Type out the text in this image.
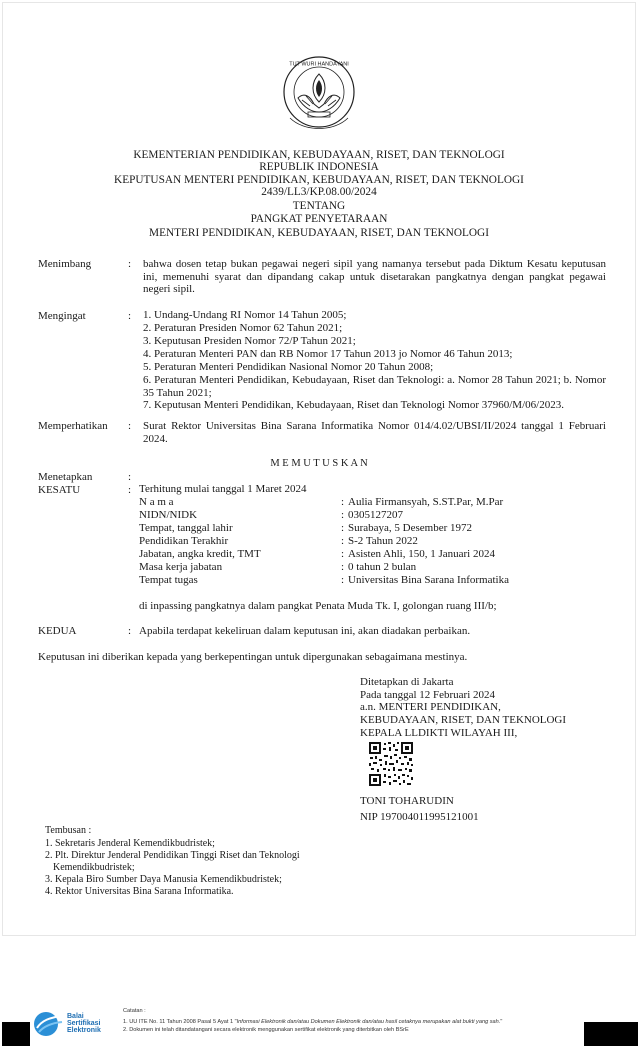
TUT WURI HANDAYANI
KEMENTERIAN PENDIDIKAN, KEBUDAYAAN, RISET, DAN TEKNOLOGI
REPUBLIK INDONESIA
KEPUTUSAN MENTERI PENDIDIKAN, KEBUDAYAAN, RISET, DAN TEKNOLOGI
2439/LL3/KP.08.00/2024
TENTANG
PANGKAT PENYETARAAN
MENTERI PENDIDIKAN, KEBUDAYAAN, RISET, DAN TEKNOLOGI
Menimbang	: bahwa dosen tetap bukan pegawai negeri sipil yang namanya tersebut pada Diktum Kesatu keputusan ini, memenuhi syarat dan dipandang cakap untuk disetarakan pangkatnya dengan pangkat pegawai negeri sipil.
Mengingat	: 1. Undang-Undang RI Nomor 14 Tahun 2005;
2. Peraturan Presiden Nomor 62 Tahun 2021;
3. Keputusan Presiden Nomor 72/P Tahun 2021;
4. Peraturan Menteri PAN dan RB Nomor 17 Tahun 2013 jo Nomor 46 Tahun 2013;
5. Peraturan Menteri Pendidikan Nasional Nomor 20 Tahun 2008;
6. Peraturan Menteri Pendidikan, Kebudayaan, Riset dan Teknologi: a. Nomor 28 Tahun 2021; b. Nomor 35 Tahun 2021;
7. Keputusan Menteri Pendidikan, Kebudayaan, Riset dan Teknologi Nomor 37960/M/06/2023.
Memperhatikan : Surat Rektor Universitas Bina Sarana Informatika Nomor 014/4.02/UBSI/II/2024 tanggal 1 Februari 2024.
M E M U T U S K A N
Menetapkan	:
KESATU	: Terhitung mulai tanggal 1 Maret 2024
N a m a	: Aulia Firmansyah, S.ST.Par, M.Par
NIDN/NIDK	: 0305127207
Tempat, tanggal lahir	: Surabaya, 5 Desember 1972
Pendidikan Terakhir	: S-2 Tahun 2022
Jabatan, angka kredit, TMT	: Asisten Ahli, 150, 1 Januari 2024
Masa kerja jabatan	: 0 tahun 2 bulan
Tempat tugas	: Universitas Bina Sarana Informatika
di inpassing pangkatnya dalam pangkat Penata Muda Tk. I, golongan ruang III/b;
KEDUA	: Apabila terdapat kekeliruan dalam keputusan ini, akan diadakan perbaikan.
Keputusan ini diberikan kepada yang berkepentingan untuk dipergunakan sebagaimana mestinya.
Ditetapkan di Jakarta
Pada tanggal 12 Februari 2024
a.n. MENTERI PENDIDIKAN,
KEBUDAYAAN, RISET, DAN TEKNOLOGI
KEPALA LLDIKTI WILAYAH III,
TONI TOHARUDIN
NIP 197004011995121001
Tembusan :
1. Sekretaris Jenderal Kemendikbudristek;
2. Plt. Direktur Jenderal Pendidikan Tinggi Riset dan Teknologi
Kemendikbudristek;
3. Kepala Biro Sumber Daya Manusia Kemendikbudristek;
4. Rektor Universitas Bina Sarana Informatika.
Balai
Sertifikasi
Elektronik
Catatan :
1. UU ITE No. 11 Tahun 2008 Pasal 5 Ayat 1 "Informasi Elektronik dan/atau Dokumen Elektronik dan/atau hasil cetaknya merupakan alat bukti yang sah."
2. Dokumen ini telah ditandatangani secara elektronik menggunakan sertifikat elektronik yang diterbitkan oleh BSrE
